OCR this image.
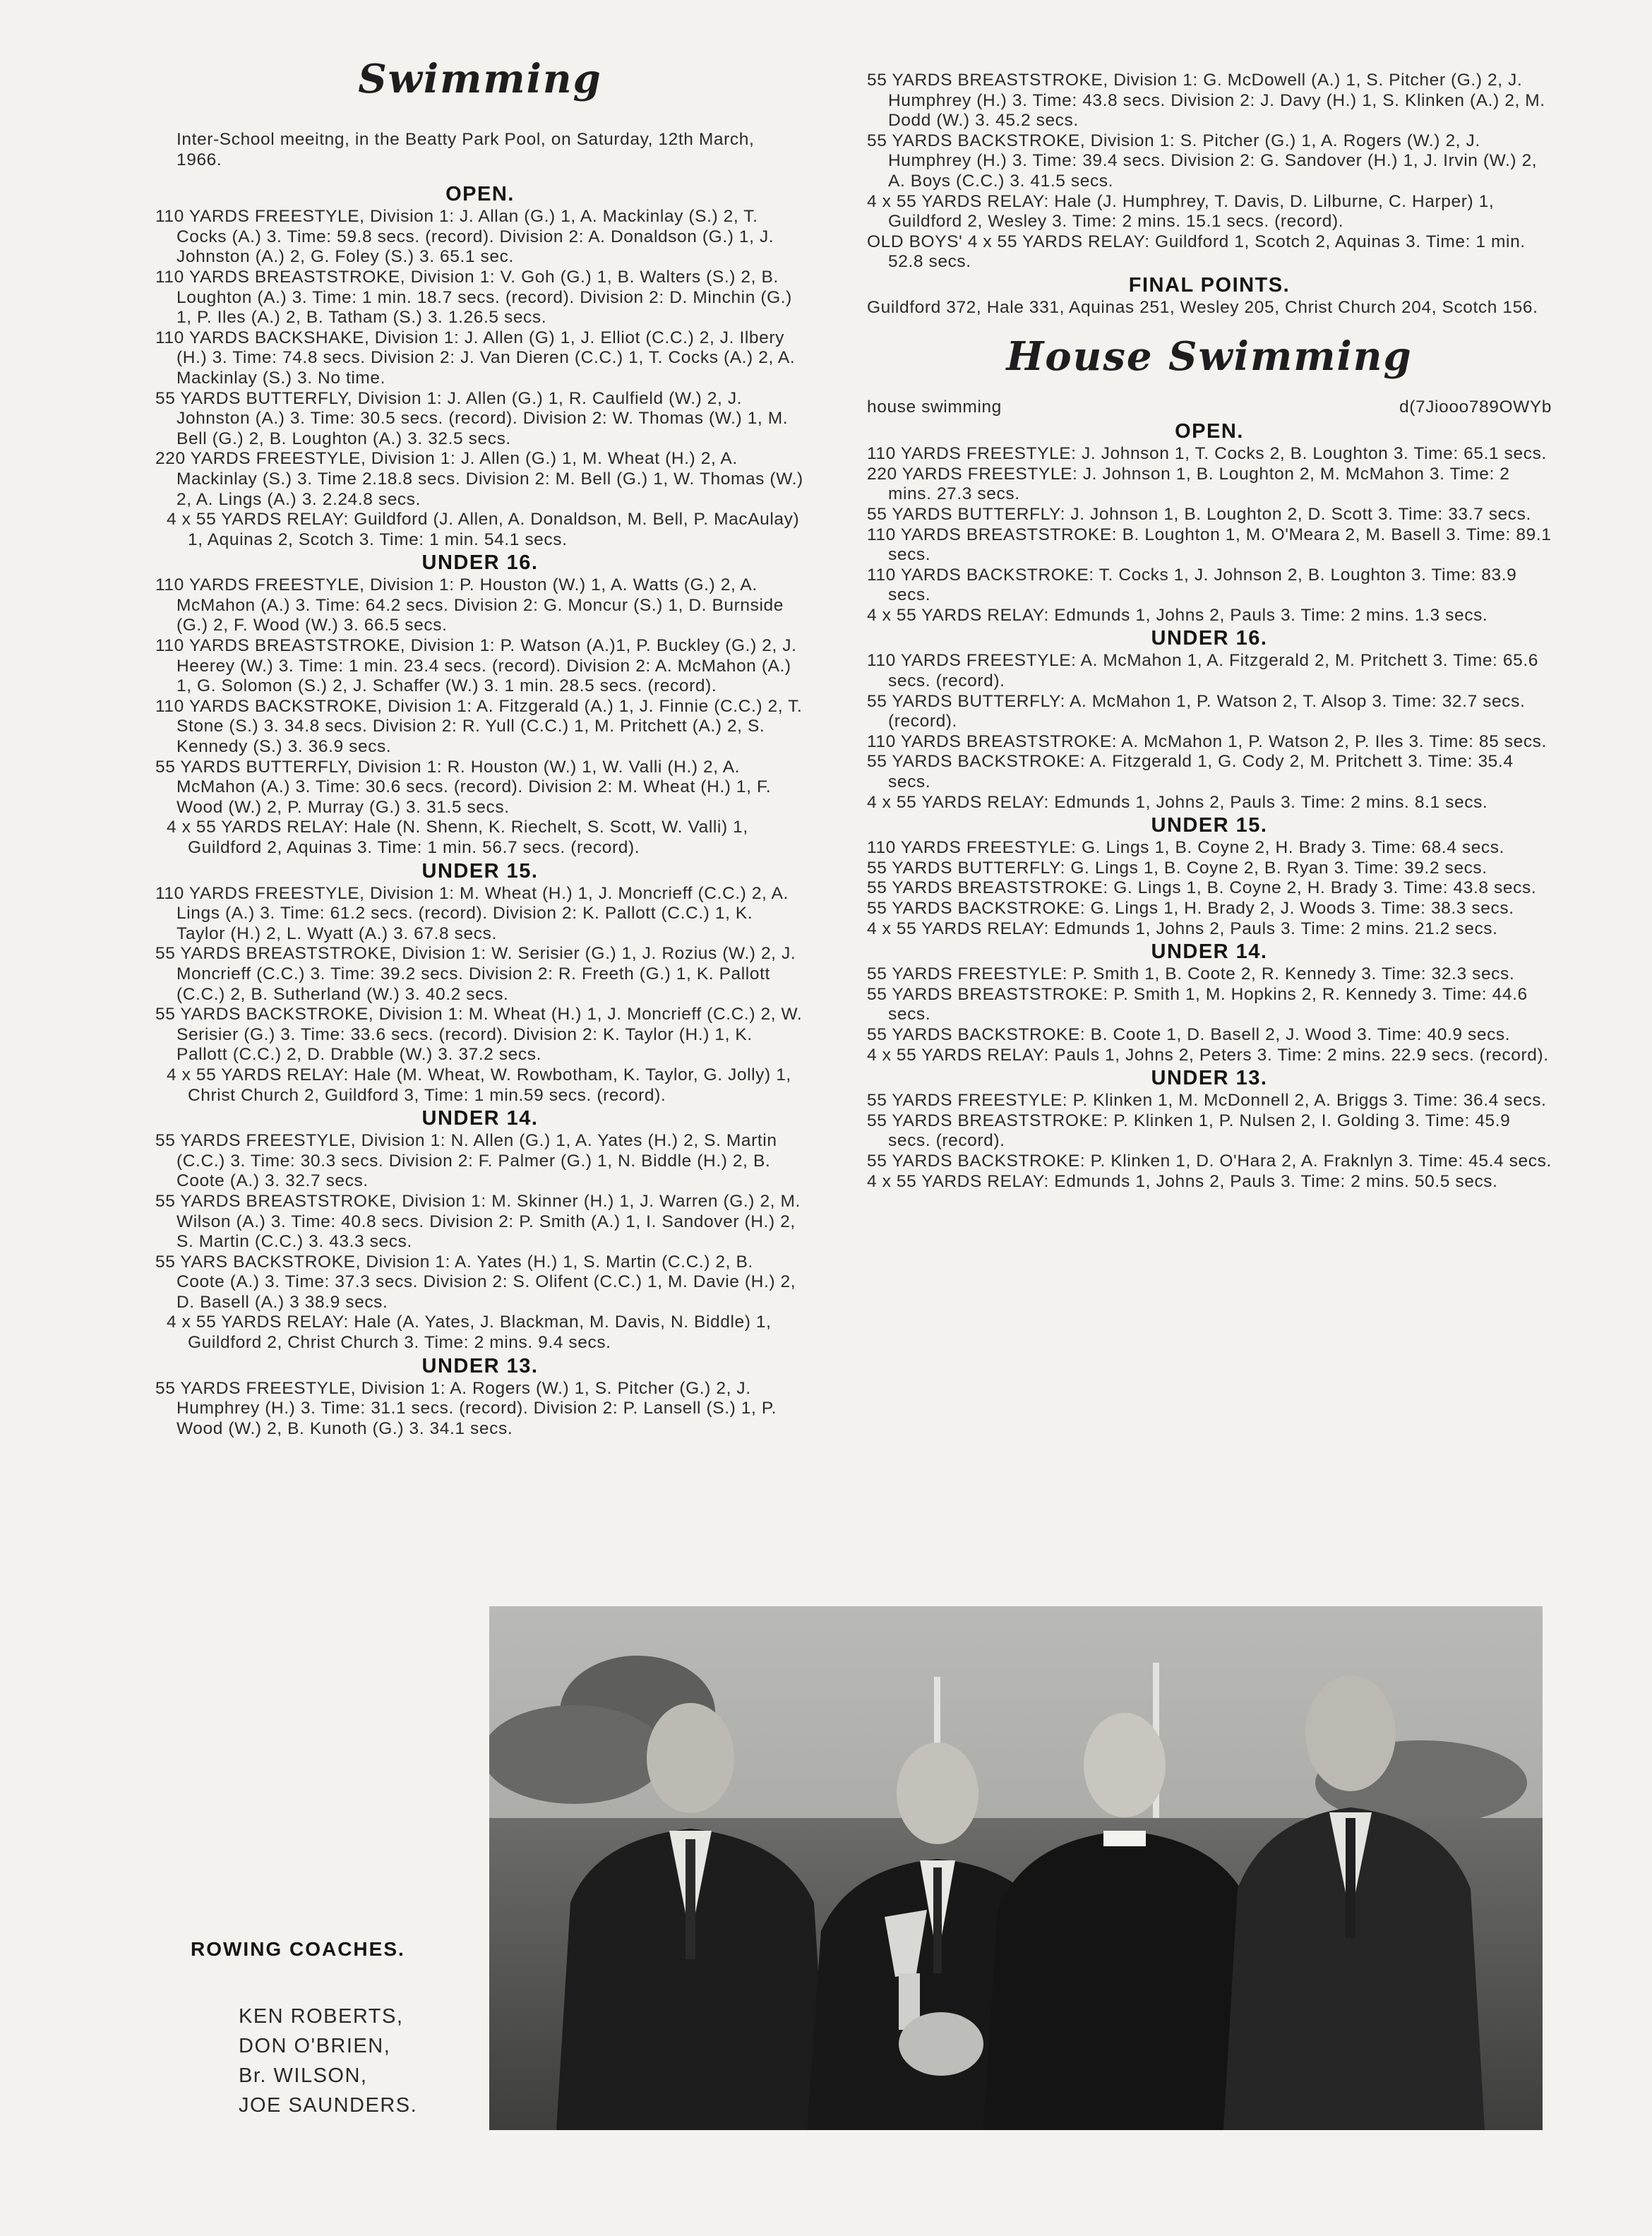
Swimming

Inter-School meeitng, in the Beatty Park Pool, on Saturday, 12th March, 1966.

OPEN.

110 YARDS FREESTYLE, Division 1: J. Allan (G.) 1, A. Mackinlay (S.) 2, T. Cocks (A.) 3. Time: 59.8 secs. (record). Division 2: A. Donaldson (G.) 1, J. Johnston (A.) 2, G. Foley (S.) 3. 65.1 sec.

110 YARDS BREASTSTROKE, Division 1: V. Goh (G.) 1, B. Walters (S.) 2, B. Loughton (A.) 3. Time: 1 min. 18.7 secs. (record). Division 2: D. Minchin (G.) 1, P. Iles (A.) 2, B. Tatham (S.) 3. 1.26.5 secs.

110 YARDS BACKSHAKE, Division 1: J. Allen (G) 1, J. Elliot (C.C.) 2, J. Ilbery (H.) 3. Time: 74.8 secs. Division 2: J. Van Dieren (C.C.) 1, T. Cocks (A.) 2, A. Mackinlay (S.) 3. No time.

55 YARDS BUTTERFLY, Division 1: J. Allen (G.) 1, R. Caulfield (W.) 2, J. Johnston (A.) 3. Time: 30.5 secs. (record). Division 2: W. Thomas (W.) 1, M. Bell (G.) 2, B. Loughton (A.) 3. 32.5 secs.

220 YARDS FREESTYLE, Division 1: J. Allen (G.) 1, M. Wheat (H.) 2, A. Mackinlay (S.) 3. Time 2.18.8 secs. Division 2: M. Bell (G.) 1, W. Thomas (W.) 2, A. Lings (A.) 3. 2.24.8 secs.

4 x 55 YARDS RELAY: Guildford (J. Allen, A. Donaldson, M. Bell, P. MacAulay) 1, Aquinas 2, Scotch 3. Time: 1 min. 54.1 secs.

UNDER 16.

110 YARDS FREESTYLE, Division 1: P. Houston (W.) 1, A. Watts (G.) 2, A. McMahon (A.) 3. Time: 64.2 secs. Division 2: G. Moncur (S.) 1, D. Burnside (G.) 2, F. Wood (W.) 3. 66.5 secs.

110 YARDS BREASTSTROKE, Division 1: P. Watson (A.)1, P. Buckley (G.) 2, J. Heerey (W.) 3. Time: 1 min. 23.4 secs. (record). Division 2: A. McMahon (A.) 1, G. Solomon (S.) 2, J. Schaffer (W.) 3. 1 min. 28.5 secs. (record).

110 YARDS BACKSTROKE, Division 1: A. Fitzgerald (A.) 1, J. Finnie (C.C.) 2, T. Stone (S.) 3. 34.8 secs. Division 2: R. Yull (C.C.) 1, M. Pritchett (A.) 2, S. Kennedy (S.) 3. 36.9 secs.

55 YARDS BUTTERFLY, Division 1: R. Houston (W.) 1, W. Valli (H.) 2, A. McMahon (A.) 3. Time: 30.6 secs. (record). Division 2: M. Wheat (H.) 1, F. Wood (W.) 2, P. Murray (G.) 3. 31.5 secs.

4 x 55 YARDS RELAY: Hale (N. Shenn, K. Riechelt, S. Scott, W. Valli) 1, Guildford 2, Aquinas 3. Time: 1 min. 56.7 secs. (record).

UNDER 15.

110 YARDS FREESTYLE, Division 1: M. Wheat (H.) 1, J. Moncrieff (C.C.) 2, A. Lings (A.) 3. Time: 61.2 secs. (record). Division 2: K. Pallott (C.C.) 1, K. Taylor (H.) 2, L. Wyatt (A.) 3. 67.8 secs.

55 YARDS BREASTSTROKE, Division 1: W. Serisier (G.) 1, J. Rozius (W.) 2, J. Moncrieff (C.C.) 3. Time: 39.2 secs. Division 2: R. Freeth (G.) 1, K. Pallott (C.C.) 2, B. Sutherland (W.) 3. 40.2 secs.

55 YARDS BACKSTROKE, Division 1: M. Wheat (H.) 1, J. Moncrieff (C.C.) 2, W. Serisier (G.) 3. Time: 33.6 secs. (record). Division 2: K. Taylor (H.) 1, K. Pallott (C.C.) 2, D. Drabble (W.) 3. 37.2 secs.

4 x 55 YARDS RELAY: Hale (M. Wheat, W. Rowbotham, K. Taylor, G. Jolly) 1, Christ Church 2, Guildford 3, Time: 1 min.59 secs. (record).

UNDER 14.

55 YARDS FREESTYLE, Division 1: N. Allen (G.) 1, A. Yates (H.) 2, S. Martin (C.C.) 3. Time: 30.3 secs. Division 2: F. Palmer (G.) 1, N. Biddle (H.) 2, B. Coote (A.) 3. 32.7 secs.

55 YARDS BREASTSTROKE, Division 1: M. Skinner (H.) 1, J. Warren (G.) 2, M. Wilson (A.) 3. Time: 40.8 secs. Division 2: P. Smith (A.) 1, I. Sandover (H.) 2, S. Martin (C.C.) 3. 43.3 secs.

55 YARS BACKSTROKE, Division 1: A. Yates (H.) 1, S. Martin (C.C.) 2, B. Coote (A.) 3. Time: 37.3 secs. Division 2: S. Olifent (C.C.) 1, M. Davie (H.) 2, D. Basell (A.) 3 38.9 secs.

4 x 55 YARDS RELAY: Hale (A. Yates, J. Blackman, M. Davis, N. Biddle) 1, Guildford 2, Christ Church 3. Time: 2 mins. 9.4 secs.

UNDER 13.

55 YARDS FREESTYLE, Division 1: A. Rogers (W.) 1, S. Pitcher (G.) 2, J. Humphrey (H.) 3. Time: 31.1 secs. (record). Division 2: P. Lansell (S.) 1, P. Wood (W.) 2, B. Kunoth (G.) 3. 34.1 secs.

55 YARDS BREASTSTROKE, Division 1: G. McDowell (A.) 1, S. Pitcher (G.) 2, J. Humphrey (H.) 3. Time: 43.8 secs. Division 2: J. Davy (H.) 1, S. Klinken (A.) 2, M. Dodd (W.) 3. 45.2 secs.

55 YARDS BACKSTROKE, Division 1: S. Pitcher (G.) 1, A. Rogers (W.) 2, J. Humphrey (H.) 3. Time: 39.4 secs. Division 2: G. Sandover (H.) 1, J. Irvin (W.) 2, A. Boys (C.C.) 3. 41.5 secs.

4 x 55 YARDS RELAY: Hale (J. Humphrey, T. Davis, D. Lilburne, C. Harper) 1, Guildford 2, Wesley 3. Time: 2 mins. 15.1 secs. (record).

OLD BOYS' 4 x 55 YARDS RELAY: Guildford 1, Scotch 2, Aquinas 3. Time: 1 min. 52.8 secs.

FINAL POINTS.

Guildford 372, Hale 331, Aquinas 251, Wesley 205, Christ Church 204, Scotch 156.

House Swimming
house swimming	d(7Jiooo789OWYb
OPEN.

110 YARDS FREESTYLE: J. Johnson 1, T. Cocks 2, B. Loughton 3. Time: 65.1 secs.

220 YARDS FREESTYLE: J. Johnson 1, B. Loughton 2, M. McMahon 3. Time: 2 mins. 27.3 secs.

55 YARDS BUTTERFLY: J. Johnson 1, B. Loughton 2, D. Scott 3. Time: 33.7 secs.

110 YARDS BREASTSTROKE: B. Loughton 1, M. O'Meara 2, M. Basell 3. Time: 89.1 secs.

110 YARDS BACKSTROKE: T. Cocks 1, J. Johnson 2, B. Loughton 3. Time: 83.9 secs.

4 x 55 YARDS RELAY: Edmunds 1, Johns 2, Pauls 3. Time: 2 mins. 1.3 secs.

UNDER 16.

110 YARDS FREESTYLE: A. McMahon 1, A. Fitzgerald 2, M. Pritchett 3. Time: 65.6 secs. (record).

55 YARDS BUTTERFLY: A. McMahon 1, P. Watson 2, T. Alsop 3. Time: 32.7 secs. (record).

110 YARDS BREASTSTROKE: A. McMahon 1, P. Watson 2, P. Iles 3. Time: 85 secs.

55 YARDS BACKSTROKE: A. Fitzgerald 1, G. Cody 2, M. Pritchett 3. Time: 35.4 secs.

4 x 55 YARDS RELAY: Edmunds 1, Johns 2, Pauls 3. Time: 2 mins. 8.1 secs.

UNDER 15.

110 YARDS FREESTYLE: G. Lings 1, B. Coyne 2, H. Brady 3. Time: 68.4 secs.

55 YARDS BUTTERFLY: G. Lings 1, B. Coyne 2, B. Ryan 3. Time: 39.2 secs.

55 YARDS BREASTSTROKE: G. Lings 1, B. Coyne 2, H. Brady 3. Time: 43.8 secs.

55 YARDS BACKSTROKE: G. Lings 1, H. Brady 2, J. Woods 3. Time: 38.3 secs.

4 x 55 YARDS RELAY: Edmunds 1, Johns 2, Pauls 3. Time: 2 mins. 21.2 secs.

UNDER 14.

55 YARDS FREESTYLE: P. Smith 1, B. Coote 2, R. Kennedy 3. Time: 32.3 secs.

55 YARDS BREASTSTROKE: P. Smith 1, M. Hopkins 2, R. Kennedy 3. Time: 44.6 secs.

55 YARDS BACKSTROKE: B. Coote 1, D. Basell 2, J. Wood 3. Time: 40.9 secs.

4 x 55 YARDS RELAY: Pauls 1, Johns 2, Peters 3. Time: 2 mins. 22.9 secs. (record).

UNDER 13.

55 YARDS FREESTYLE: P. Klinken 1, M. McDonnell 2, A. Briggs 3. Time: 36.4 secs.

55 YARDS BREASTSTROKE: P. Klinken 1, P. Nulsen 2, I. Golding 3. Time: 45.9 secs. (record).

55 YARDS BACKSTROKE: P. Klinken 1, D. O'Hara 2, A. Fraknlyn 3. Time: 45.4 secs.

4 x 55 YARDS RELAY: Edmunds 1, Johns 2, Pauls 3. Time: 2 mins. 50.5 secs.

ROWING COACHES.

KEN ROBERTS,

DON O'BRIEN,

Br. WILSON,

JOE SAUNDERS.
